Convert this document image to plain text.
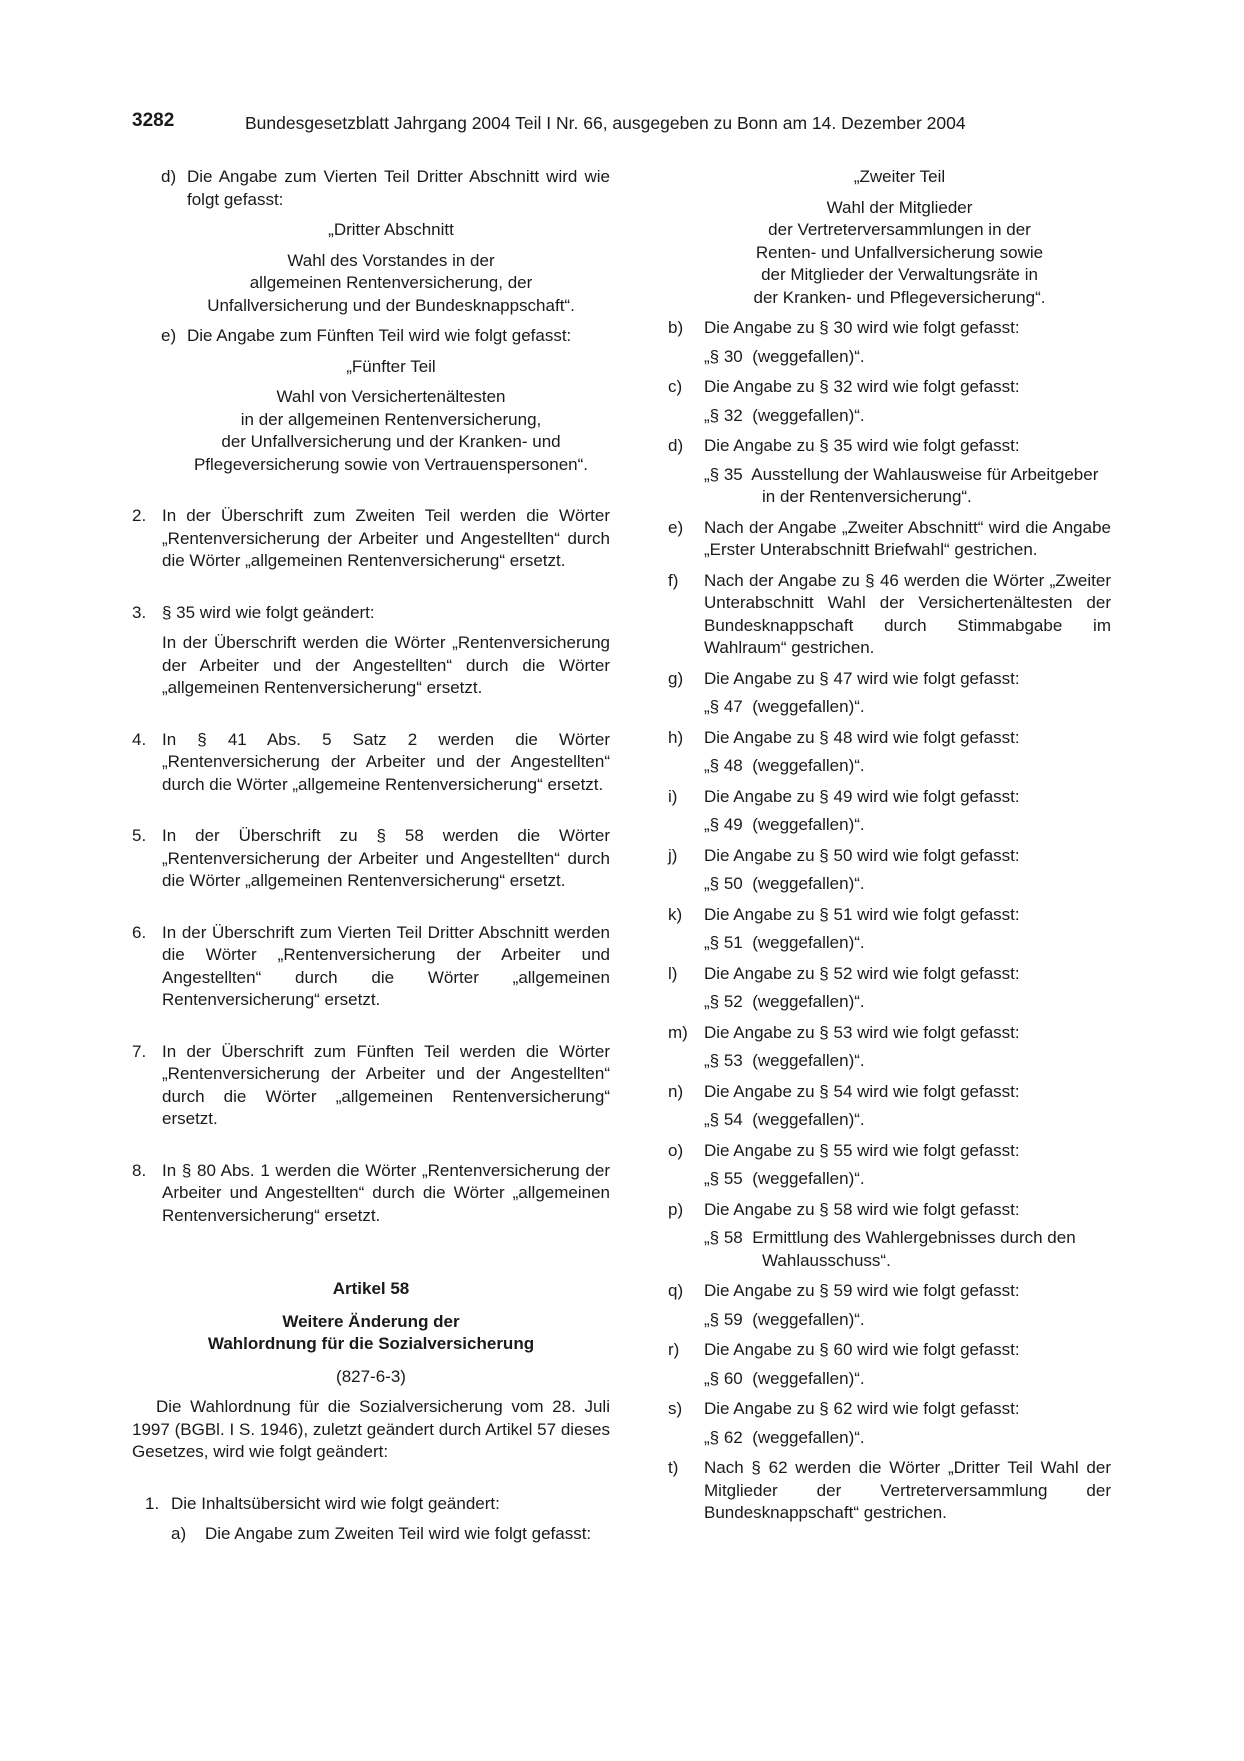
3282	Bundesgesetzblatt Jahrgang 2004 Teil I Nr. 66, ausgegeben zu Bonn am 14. Dezember 2004
d) Die Angabe zum Vierten Teil Dritter Abschnitt wird wie folgt gefasst:

„Dritter Abschnitt

Wahl des Vorstandes in der

allgemeinen Rentenversicherung, der

Unfallversicherung und der Bundesknappschaft“.

e) Die Angabe zum Fünften Teil wird wie folgt gefasst:

„Fünfter Teil

Wahl von Versichertenältesten

in der allgemeinen Rentenversicherung,

der Unfallversicherung und der Kranken- und

Pflegeversicherung sowie von Vertrauenspersonen“.

2. In der Überschrift zum Zweiten Teil werden die Wörter „Rentenversicherung der Arbeiter und Angestellten“ durch die Wörter „allgemeinen Rentenversicherung“ ersetzt.

3. § 35 wird wie folgt geändert:

In der Überschrift werden die Wörter „Rentenversicherung der Arbeiter und der Angestellten“ durch die Wörter „allgemeinen Rentenversicherung“ ersetzt.

4. In § 41 Abs. 5 Satz 2 werden die Wörter „Rentenversicherung der Arbeiter und der Angestellten“ durch die Wörter „allgemeine Rentenversicherung“ ersetzt.

5. In der Überschrift zu § 58 werden die Wörter „Rentenversicherung der Arbeiter und Angestellten“ durch die Wörter „allgemeinen Rentenversicherung“ ersetzt.

6. In der Überschrift zum Vierten Teil Dritter Abschnitt werden die Wörter „Rentenversicherung der Arbeiter und Angestellten“ durch die Wörter „allgemeinen Rentenversicherung“ ersetzt.

7. In der Überschrift zum Fünften Teil werden die Wörter „Rentenversicherung der Arbeiter und der Angestellten“ durch die Wörter „allgemeinen Rentenversicherung“ ersetzt.

8. In § 80 Abs. 1 werden die Wörter „Rentenversicherung der Arbeiter und Angestellten“ durch die Wörter „allgemeinen Rentenversicherung“ ersetzt.

Artikel 58

Weitere Änderung der

Wahlordnung für die Sozialversicherung

(827-6-3)

Die Wahlordnung für die Sozialversicherung vom 28. Juli 1997 (BGBl. I S. 1946), zuletzt geändert durch Artikel 57 dieses Gesetzes, wird wie folgt geändert:

1. Die Inhaltsübersicht wird wie folgt geändert:

a) Die Angabe zum Zweiten Teil wird wie folgt gefasst:

„Zweiter Teil

Wahl der Mitglieder

der Vertreterversammlungen in der

Renten- und Unfallversicherung sowie

der Mitglieder der Verwaltungsräte in

der Kranken- und Pflegeversicherung“.

b) Die Angabe zu § 30 wird wie folgt gefasst:

„§ 30  (weggefallen)“.

c) Die Angabe zu § 32 wird wie folgt gefasst:

„§ 32  (weggefallen)“.

d) Die Angabe zu § 35 wird wie folgt gefasst:

„§ 35  Ausstellung der Wahlausweise für Arbeitgeber in der Rentenversicherung“.

e) Nach der Angabe „Zweiter Abschnitt“ wird die Angabe „Erster Unterabschnitt Briefwahl“ gestrichen.

f) Nach der Angabe zu § 46 werden die Wörter „Zweiter Unterabschnitt Wahl der Versichertenältesten der Bundesknappschaft durch Stimmabgabe im Wahlraum“ gestrichen.

g) Die Angabe zu § 47 wird wie folgt gefasst:

„§ 47  (weggefallen)“.

h) Die Angabe zu § 48 wird wie folgt gefasst:

„§ 48  (weggefallen)“.

i) Die Angabe zu § 49 wird wie folgt gefasst:

„§ 49  (weggefallen)“.

j) Die Angabe zu § 50 wird wie folgt gefasst:

„§ 50  (weggefallen)“.

k) Die Angabe zu § 51 wird wie folgt gefasst:

„§ 51  (weggefallen)“.

l) Die Angabe zu § 52 wird wie folgt gefasst:

„§ 52  (weggefallen)“.

m) Die Angabe zu § 53 wird wie folgt gefasst:

„§ 53  (weggefallen)“.

n) Die Angabe zu § 54 wird wie folgt gefasst:

„§ 54  (weggefallen)“.

o) Die Angabe zu § 55 wird wie folgt gefasst:

„§ 55  (weggefallen)“.

p) Die Angabe zu § 58 wird wie folgt gefasst:

„§ 58  Ermittlung des Wahlergebnisses durch den Wahlausschuss“.

q) Die Angabe zu § 59 wird wie folgt gefasst:

„§ 59  (weggefallen)“.

r) Die Angabe zu § 60 wird wie folgt gefasst:

„§ 60  (weggefallen)“.

s) Die Angabe zu § 62 wird wie folgt gefasst:

„§ 62  (weggefallen)“.

t) Nach § 62 werden die Wörter „Dritter Teil Wahl der Mitglieder der Vertreterversammlung der Bundesknappschaft“ gestrichen.
